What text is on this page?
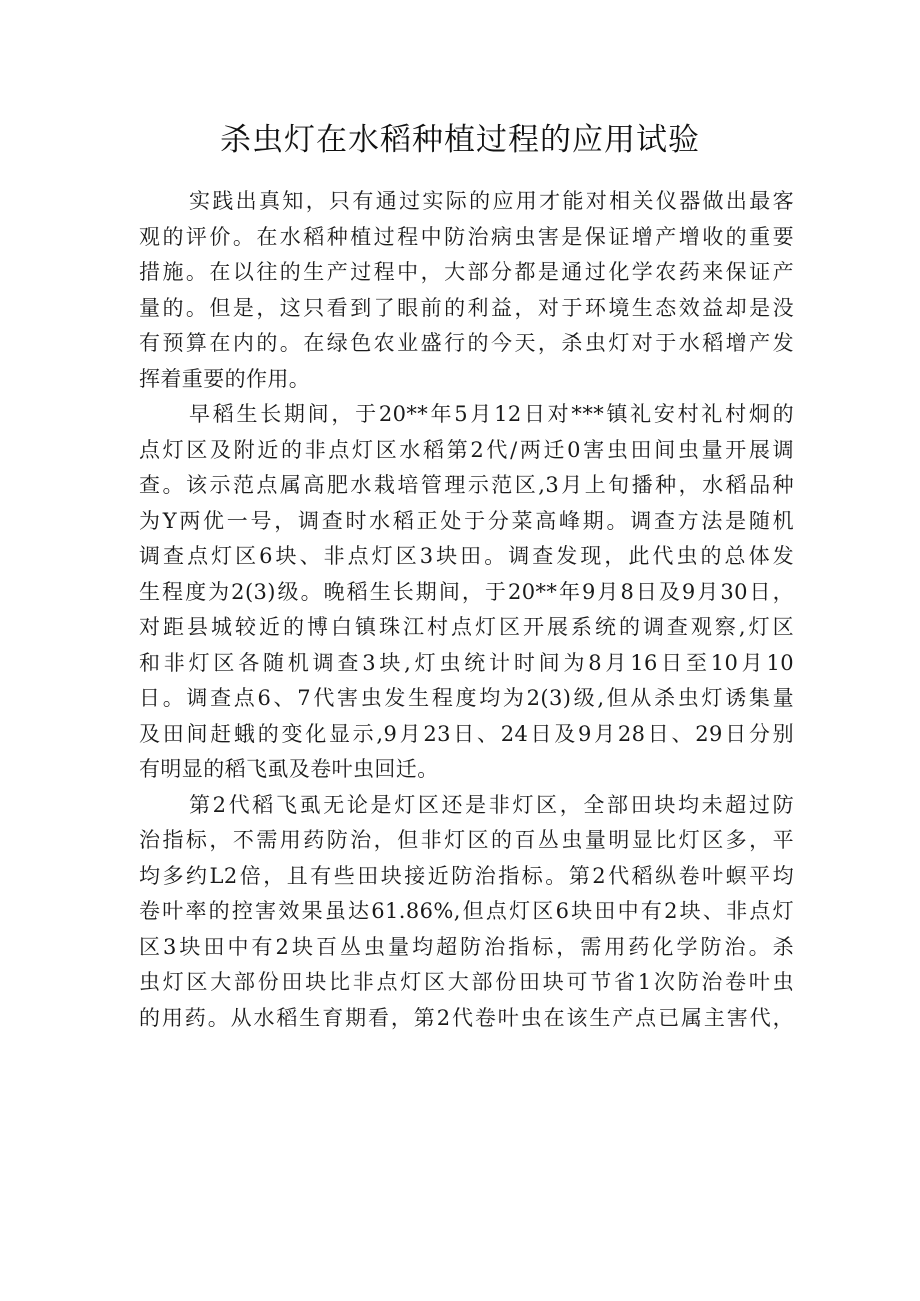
杀虫灯在水稻种植过程的应用试验
实践出真知，只有通过实际的应用才能对相关仪器做出最客
观的评价。在水稻种植过程中防治病虫害是保证增产增收的重要
措施。在以往的生产过程中，大部分都是通过化学农药来保证产
量的。但是，这只看到了眼前的利益，对于环境生态效益却是没
有预算在内的。在绿色农业盛行的今天，杀虫灯对于水稻增产发
挥着重要的作用。
早稻生长期间，于20**年5月12日对***镇礼安村礼村炯的
点灯区及附近的非点灯区水稻第2代/两迁0害虫田间虫量开展调
查。该示范点属高肥水栽培管理示范区,3月上旬播种，水稻品种
为Y两优一号，调查时水稻正处于分菜高峰期。调查方法是随机
调查点灯区6块、非点灯区3块田。调查发现，此代虫的总体发
生程度为2(3)级。晚稻生长期间，于20**年9月8日及9月30日，
对距县城较近的博白镇珠江村点灯区开展系统的调查观察,灯区
和非灯区各随机调查3块,灯虫统计时间为8月16日至10月10
日。调查点6、7代害虫发生程度均为2(3)级,但从杀虫灯诱集量
及田间赶蛾的变化显示,9月23日、24日及9月28日、29日分别
有明显的稻飞虱及卷叶虫回迁。
第2代稻飞虱无论是灯区还是非灯区，全部田块均未超过防
治指标，不需用药防治，但非灯区的百丛虫量明显比灯区多，平
均多约L2倍，且有些田块接近防治指标。第2代稻纵卷叶螟平均
卷叶率的控害效果虽达61.86%,但点灯区6块田中有2块、非点灯
区3块田中有2块百丛虫量均超防治指标，需用药化学防治。杀
虫灯区大部份田块比非点灯区大部份田块可节省1次防治卷叶虫
的用药。从水稻生育期看，第2代卷叶虫在该生产点已属主害代，
